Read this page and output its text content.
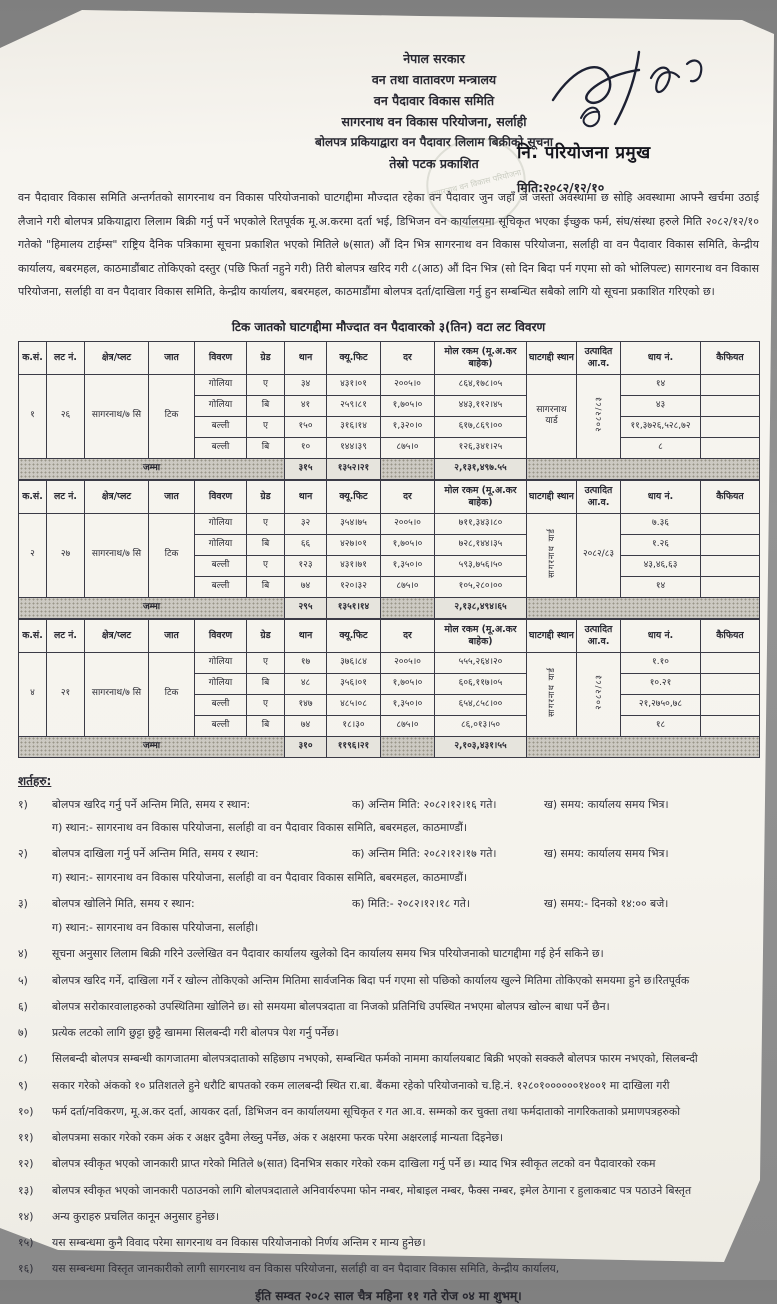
सागरनाथ वन विकास परियोजना
नेपाल सरकार
वन तथा वातावरण मन्त्रालय
वन पैदावार विकास समिति
सागरनाथ वन विकास परियोजना, सर्लाही
बोलपत्र प्रकियाद्वारा वन पैदावार लिलाम बिक्रीको सूचना
तेस्रो पटक प्रकाशित
नि. परियोजना प्रमुख
मिति:२०८२/१२/१०
वन पैदावार विकास समिति अन्तर्गतको सागरनाथ वन विकास परियोजनाको घाटगद्दीमा मौज्दात रहेका वन पैदावार जुन जहाँ जे जस्तो अवस्थामा छ सोहि अवस्थामा आफ्नै खर्चमा उठाई लैजाने गरी बोलपत्र प्रकियाद्वारा लिलाम बिक्री गर्नु पर्ने भएकोले रितपूर्वक मू.अ.करमा दर्ता भई, डिभिजन वन कार्यालयमा सूचिकृत भएका ईच्छुक फर्म, संघ/संस्था हरुले मिति २०८२/१२/१० गतेको "हिमालय टाईम्स" राष्ट्रिय दैनिक पत्रिकामा सूचना प्रकाशित भएको मितिले ७(सात) औं दिन भित्र सागरनाथ वन विकास परियोजना, सर्लाही वा वन पैदावार विकास समिति, केन्द्रीय कार्यालय, बबरमहल, काठमाडौंबाट तोकिएको दस्तुर (पछि फिर्ता नहुने गरी) तिरी बोलपत्र खरिद गरी ८(आठ) औं दिन भित्र (सो दिन बिदा पर्न गएमा सो को भोलिपल्ट) सागरनाथ वन विकास परियोजना, सर्लाही वा वन पैदावार विकास समिति, केन्द्रीय कार्यालय, बबरमहल, काठमाडौंमा बोलपत्र दर्ता/दाखिला गर्नु हुन सम्बन्धित सबैको लागि यो सूचना प्रकाशित गरिएको छ।
टिक जातको घाटगद्दीमा मौज्दात वन पैदावारको ३(तिन) वटा लट विवरण
क.सं.	लट नं.	क्षेत्र/प्लट	जात	विवरण	ग्रेड	थान	क्यू.फिट	दर	मोल रकम (मू.अ.कर बाहेक)	घाटगद्दी स्थान	उत्पादित आ.व.	धाय नं.	कैफियत
१	२६	सागरनाथ/७ सि	टिक	गोलिया	ए	३४	४३१।०१	२००५।०	८६४,१७८।०५	सागरनाथ यार्ड	२०८२/८३	१४	
				गोलिया	बि	४१	२५९।८१	१,७०५।०	४४३,११२।४५			४३	
				बल्ली	ए	१५०	३१६।१४	१,३२०।०	६१७,८६९।००			११,३७२६,५२८,७२	
				बल्ली	बि	१०	१४४।३९	८७५।०	१२६,३४१।२५			८	
जम्मा						३१५	१३५२।२१		२,१३१,४९७.५५				
क.सं.	लट नं.	क्षेत्र/प्लट	जात	विवरण	ग्रेड	थान	क्यू.फिट	दर	मोल रकम (मू.अ.कर बाहेक)	घाटगद्दी स्थान	उत्पादित आ.व.	धाय नं.	कैफियत
२	२७	सागरनाथ/७ सि	टिक	गोलिया	ए	३२	३५४।७५	२००५।०	७११,३४३।८०	सागरनाथ यार्ड	२०८२/८३	७.३६	
				गोलिया	बि	६६	४२७।०१	१,७०५।०	७२८,१४४।३५			१.२६	
				बल्ली	ए	१२३	४३१।७१	१,३५०।०	५९३,७५६।५०			४३,४६,६३	
				बल्ली	बि	७४	१२०।३२	८७५।०	१०५,२८०।००			१४	
जम्मा						२९५	१३५१।१४		२,१३८,४९४।६५				
क.सं.	लट नं.	क्षेत्र/प्लट	जात	विवरण	ग्रेड	थान	क्यू.फिट	दर	मोल रकम (मू.अ.कर बाहेक)	घाटगद्दी स्थान	उत्पादित आ.व.	धाय नं.	कैफियत
४	२१	सागरनाथ/७ सि	टिक	गोलिया	ए	१७	३७६।८४	२००५।०	५५५,२६४।२०	सागरनाथ यार्ड	२०८२/८३	१.१०	
				गोलिया	बि	४८	३५६।०१	१,७०५।०	६०६,११७।०५			१०.२१	
				बल्ली	ए	१४७	४८५।०८	१,३५०।०	६५४,८५८।००			२१,२७५०,७८	
				बल्ली	बि	७४	१८।३०	८७५।०	८६,०१३।५०			१८	
जम्मा						३१०	११९६।२१		२,१०३,४३१।५५				
शर्तहरु:
१)	बोलपत्र खरिद गर्नु पर्ने अन्तिम मिति, समय र स्थान:	क) अन्तिम मिति: २०८२।१२।१६ गते।	ख) समय: कार्यालय समय भित्र।
ग) स्थान:- सागरनाथ वन विकास परियोजना, सर्लाही वा वन पैदावार विकास समिति, बबरमहल, काठमाण्डौं।
२)	बोलपत्र दाखिला गर्नु पर्ने अन्तिम मिति, समय र स्थान:	क) अन्तिम मिति: २०८२।१२।१७ गते।	ख) समय: कार्यालय समय भित्र।
ग) स्थान:- सागरनाथ वन विकास परियोजना, सर्लाही वा वन पैदावार विकास समिति, बबरमहल, काठमाण्डौं।
३)	बोलपत्र खोलिने मिति, समय र स्थान:	क) मिति:- २०८२।१२।१८ गते।	ख) समय:- दिनको १४:०० बजे।
ग) स्थान:- सागरनाथ वन विकास परियोजना, सर्लाही।
४)	सूचना अनुसार लिलाम बिक्री गरिने उल्लेखित वन पैदावार कार्यालय खुलेको दिन कार्यालय समय भित्र परियोजनाको घाटगद्दीमा गई हेर्न सकिने छ।
५)	बोलपत्र खरिद गर्ने, दाखिला गर्ने र खोल्न तोकिएको अन्तिम मितिमा सार्वजनिक बिदा पर्न गएमा सो पछिको कार्यालय खुल्ने मितिमा तोकिएको समयमा हुने छ।रितपूर्वक
६)	बोलपत्र सरोकारवालाहरुको उपस्थितिमा खोलिने छ। सो समयमा बोलपत्रदाता वा निजको प्रतिनिधि उपस्थित नभएमा बोलपत्र खोल्न बाधा पर्ने छैन।
७)	प्रत्येक लटको लागि छुट्टा छुट्टै खाममा सिलबन्दी गरी बोलपत्र पेश गर्नु पर्नेछ।
८)	सिलबन्दी बोलपत्र सम्बन्धी कागजातमा बोलपत्रदाताको सहिछाप नभएको, सम्बन्धित फर्मको नाममा कार्यालयबाट बिक्री भएको सक्कलै बोलपत्र फारम नभएको, सिलबन्दी
९)	सकार गरेको अंकको १० प्रतिशतले हुने धरौटि बापतको रकम लालबन्दी स्थित रा.बा. बैंकमा रहेको परियोजनाको च.हि.नं. १२८०१००००००१४००१ मा दाखिला गरी
१०)	फर्म दर्ता/नविकरण, मू.अ.कर दर्ता, आयकर दर्ता, डिभिजन वन कार्यालयमा सूचिकृत र गत आ.व. सम्मको कर चुक्ता तथा फर्मदाताको नागरिकताको प्रमाणपत्रहरुको
११)	बोलपत्रमा सकार गरेको रकम अंक र अक्षर दुवैमा लेख्नु पर्नेछ, अंक र अक्षरमा फरक परेमा अक्षरलाई मान्यता दिइनेछ।
१२)	बोलपत्र स्वीकृत भएको जानकारी प्राप्त गरेको मितिले ७(सात) दिनभित्र सकार गरेको रकम दाखिला गर्नु पर्ने छ। म्याद भित्र स्वीकृत लटको वन पैदावारको रकम
१३)	बोलपत्र स्वीकृत भएको जानकारी पठाउनको लागि बोलपत्रदाताले अनिवार्यरुपमा फोन नम्बर, मोबाइल नम्बर, फैक्स नम्बर, इमेल ठेगाना र हुलाकबाट पत्र पठाउने बिस्तृत
१४)	अन्य कुराहरु प्रचलित कानून अनुसार हुनेछ।
१५)	यस सम्बन्धमा कुनै विवाद परेमा सागरनाथ वन विकास परियोजनाको निर्णय अन्तिम र मान्य हुनेछ।
१६)	यस सम्बन्धमा विस्तृत जानकारीको लागी सागरनाथ वन विकास परियोजना, सर्लाही वा वन पैदावार विकास समिति, केन्द्रीय कार्यालय,
ईति सम्वत २०८२ साल चैत्र महिना ११ गते रोज ०४ मा शुभम्।
